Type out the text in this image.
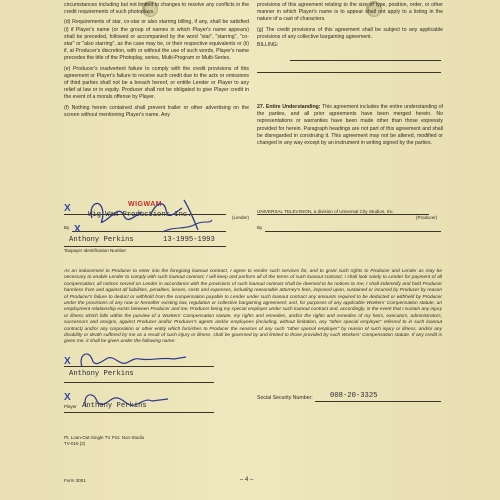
circumstances including but not limited to changes to resolve any conflicts in the credit requirements of such photoplays.

(d) Requirements of star, co-star or also starring billing, if any, shall be satisfied (i) if Player's name (or the group of names in which Player's name appears) shall be preceded, followed or accompanied by the word "star", "starring", "co-star" or "also starring", as the case may be, or their respective equivalents or (ii) if, at Producer's discretion, with or without the use of such words, Player's name precedes the title of the Photoplay, series, Multi-Program or Multi-Series.

(e) Producer's inadvertent failure to comply with the credit provisions of this agreement or Player's failure to receive such credit due to the acts or omissions of third parties shall not be a breach hereof, or entitle Lender or Player to any relief at law or in equity. Producer shall not be obligated to give Player credit in the event of a morals offense by Player.

(f) Nothing herein contained shall prevent trailer or other advertising on the screen without mentioning Player's name. Any

provisions of this agreement relating to the size of type, position, order, or other manner in which Player's name is to appear shall not apply to a listing in the nature of a cast of characters.

(g) The credit provisions of this agreement shall be subject to any applicable provisions of any collective bargaining agreement.

BILLING:

27. Entire Understanding: This agreement includes the entire understanding of the parties, and all prior agreements have been merged herein. No representations or warranties have been made other than those expressly provided for herein. Paragraph headings are not part of this agreement and shall be disregarded in construing it. This agreement may not be altered, modified or changed in any way except by an instrument in writing signed by the parties.

Wig Wam Productions Inc.	(Lender)
WIGWAM
X
By X
Anthony Perkins	13-1995-1993
Taxpayer Identification Number
UNIVERSAL TELEVISION, a division of Universal City Studios, Inc.
(Producer)
By
As an inducement to Producer to enter into the foregoing loanout contract, I agree to render such services for, and to grant such rights to Producer and Lender as may be necessary to enable Lender to comply with such loanout contract; I will keep and perform all of the terms of such loanout contract; I shall look solely to Lender for payment of all compensation; all notices served on Lender in accordance with the provisions of such loanout contract shall be deemed to be notices to me; I shall indemnify and hold Producer harmless from and against all liabilities, penalties, losses, costs and expenses, including reasonable attorney's fees, imposed upon, sustained or incurred by Producer by reason of Producer's failure to deduct or withhold from the compensation payable to Lender under such loanout contract any amounts required to be deducted or withheld by Producer under the provisions of any now or hereafter existing law, regulation or collective bargaining agreement; and, for purposes of any applicable Workers' Compensation statute, an employment relationship exists between Producer and me, Producer being my special employer under such loanout contract and, accordingly, in the event that I sustain any injury or illness which falls within the purview of a Workers' Compensation statute, my rights and remedies, and/or the rights and remedies of my heirs, executors, administrators, successors and assigns, against Producer and/or Producer's agents and/or employees (including, without limitation, any "other special employer" referred to in such loanout contract) and/or any corporation or other entity which furnishes to Producer the services of any such "other special employer" by reason of such injury or illness, and/or any disability or death suffered by me as a result of such injury or illness, shall be governed by and limited to those provided by such Workers' Compensation statute. If any credit is given me, it shall be given under the following name:
X
Anthony Perkins
X
Player Anthony Perkins
Social Security Number: 008-20-3325
Pt. Loan-Out-Single TV Pict. Non-Studio
TV-015 (2)
Form 3001	– 4 –
